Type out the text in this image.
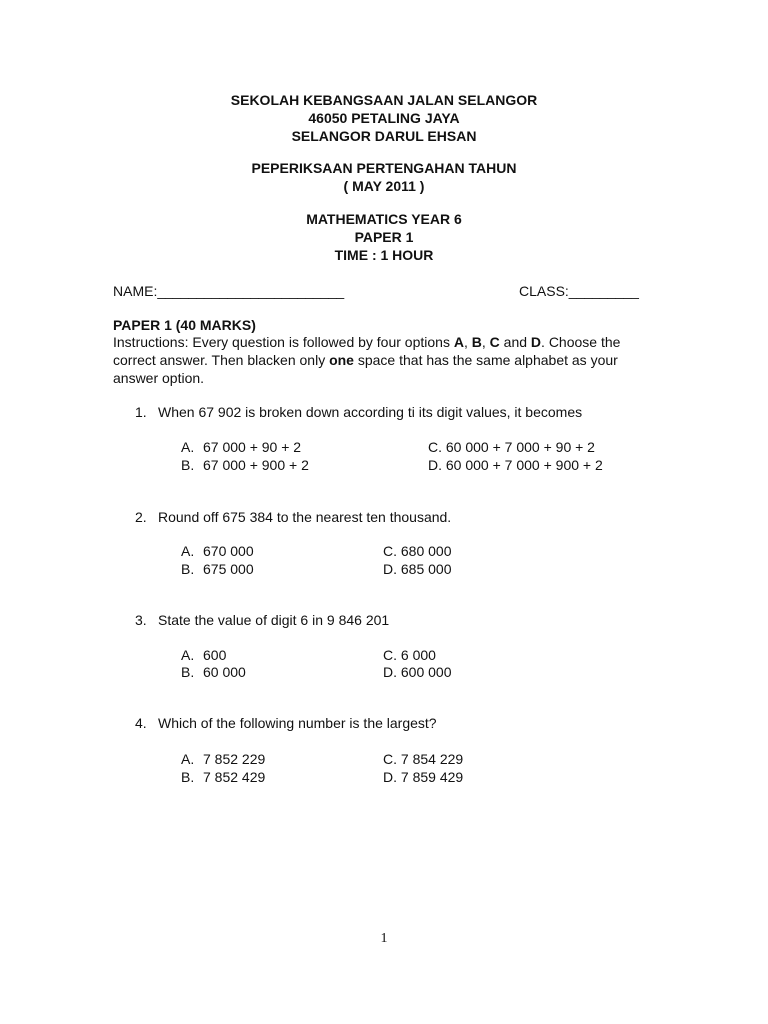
SEKOLAH KEBANGSAAN JALAN SELANGOR
46050 PETALING JAYA
SELANGOR DARUL EHSAN
PEPERIKSAAN PERTENGAHAN TAHUN
( MAY 2011 )
MATHEMATICS YEAR 6
PAPER 1
TIME : 1 HOUR
NAME:________________________	CLASS:_________
PAPER 1 (40 MARKS)
Instructions: Every question is followed by four options A, B, C and D. Choose the correct answer. Then blacken only one space that has the same alphabet as your answer option.
1. When 67 902 is broken down according ti its digit values, it becomes
A. 67 000 + 90 + 2
B. 67 000 + 900 + 2
C. 60 000 + 7 000 + 90 + 2
D. 60 000 + 7 000 + 900 + 2
2. Round off 675 384 to the nearest ten thousand.
A. 670 000
B. 675 000
C. 680 000
D. 685 000
3. State the value of digit 6 in 9 846 201
A. 600
B. 60 000
C. 6 000
D. 600 000
4. Which of the following number is the largest?
A. 7 852 229
B. 7 852 429
C. 7 854 229
D. 7 859 429
1
